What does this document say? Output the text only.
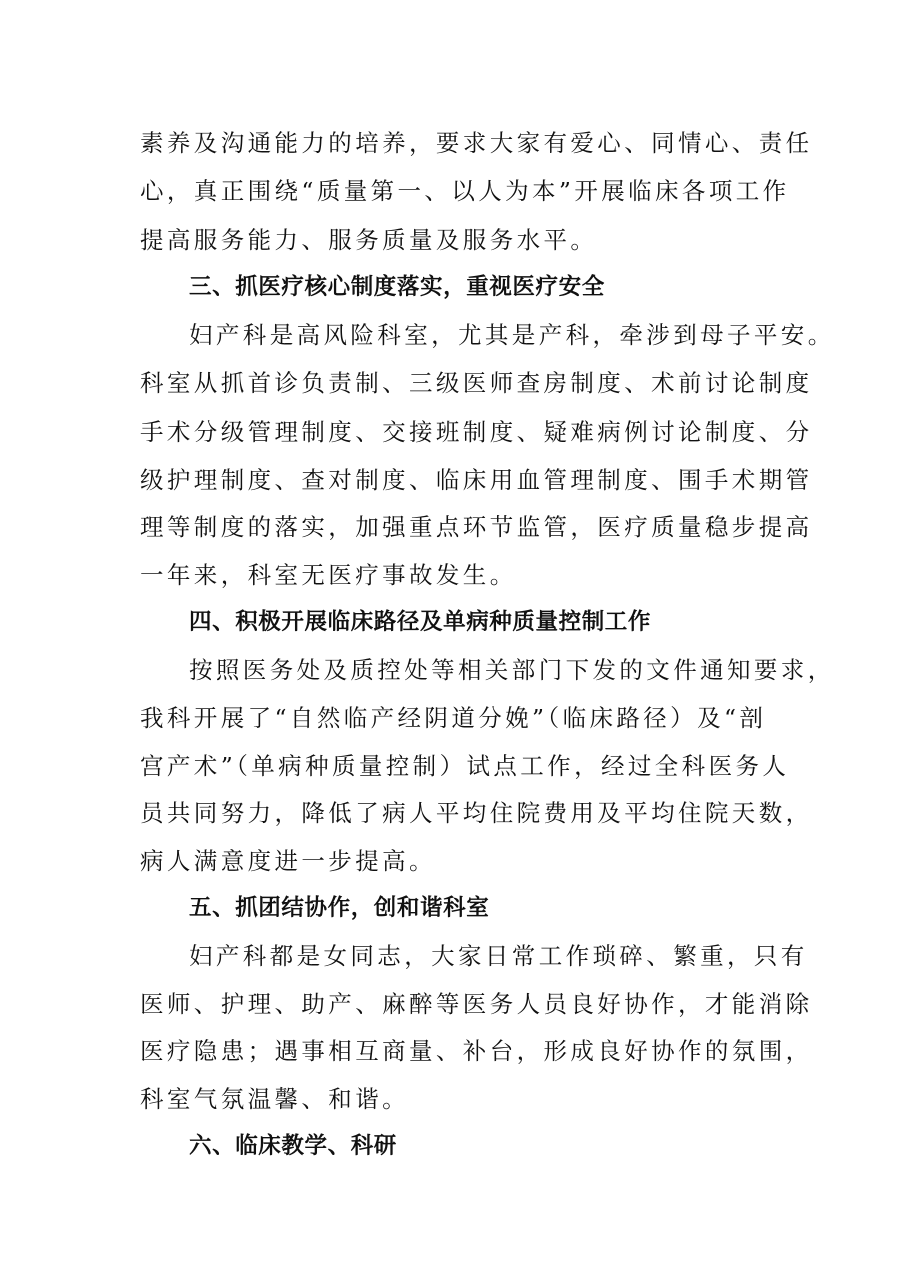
素养及沟通能力的培养，要求大家有爱心、同情心、责任
心，真正围绕“质量第一、以人为本”开展临床各项工作
提高服务能力、服务质量及服务水平。
三、抓医疗核心制度落实，重视医疗安全
妇产科是高风险科室，尤其是产科，牵涉到母子平安。
科室从抓首诊负责制、三级医师查房制度、术前讨论制度
手术分级管理制度、交接班制度、疑难病例讨论制度、分
级护理制度、查对制度、临床用血管理制度、围手术期管
理等制度的落实，加强重点环节监管，医疗质量稳步提高
一年来，科室无医疗事故发生。
四、积极开展临床路径及单病种质量控制工作
按照医务处及质控处等相关部门下发的文件通知要求，
我科开展了“自然临产经阴道分娩”（临床路径）及“剖
宫产术”（单病种质量控制）试点工作，经过全科医务人
员共同努力，降低了病人平均住院费用及平均住院天数，
病人满意度进一步提高。
五、抓团结协作，创和谐科室
妇产科都是女同志，大家日常工作琐碎、繁重，只有
医师、护理、助产、麻醉等医务人员良好协作，才能消除
医疗隐患；遇事相互商量、补台，形成良好协作的氛围，
科室气氛温馨、和谐。
六、临床教学、科研
